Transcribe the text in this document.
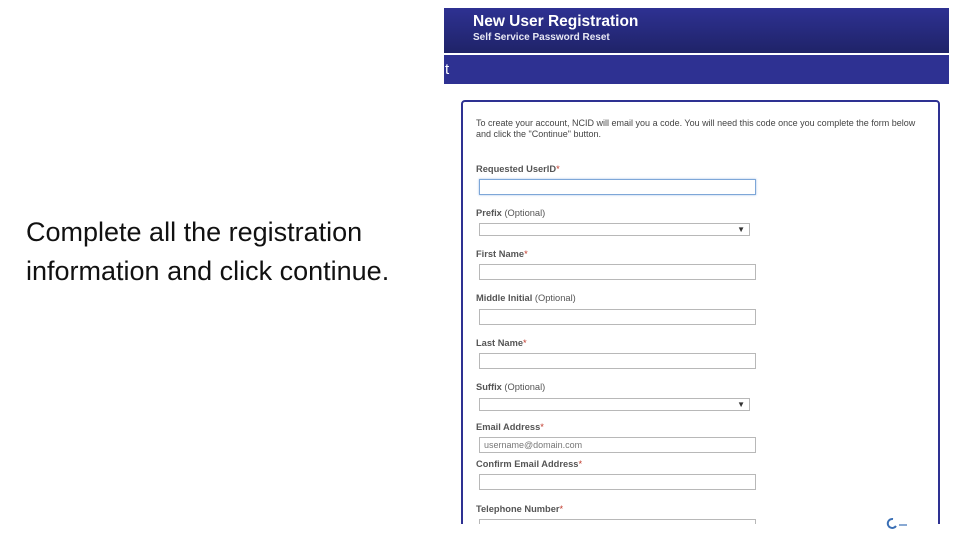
Complete all the registration information and click continue.
New User Registration
Self Service Password Reset
t
To create your account, NCID will email you a code. You will need this code once you complete the form below and click the "Continue" button.
Requested UserID*
Prefix (Optional)
▼
First Name*
Middle Initial (Optional)
Last Name*
Suffix (Optional)
▼
Email Address*
username@domain.com
Confirm Email Address*
Telephone Number*
